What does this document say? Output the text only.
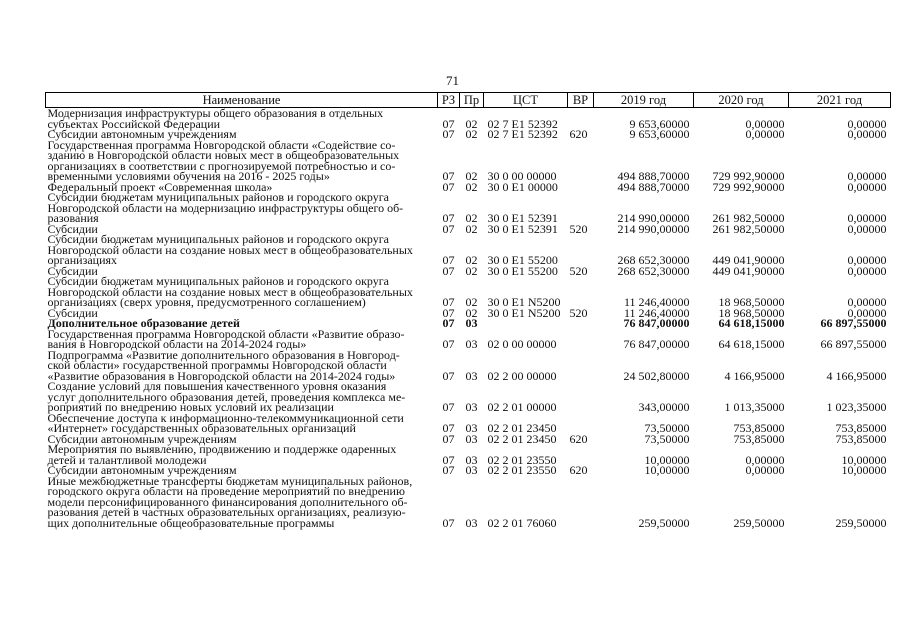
71
Наименование	РЗ	Пр	ЦСТ	ВР	2019 год	2020 год	2021 год
Модернизация инфраструктуры общего образования в отдельных
субъектах Российской Федерации	07	02	02 7 E1 52392		9 653,60000	0,00000	0,00000
Субсидии автономным учреждениям	07	02	02 7 E1 52392	620	9 653,60000	0,00000	0,00000
Государственная программа Новгородской области «Содействие со-
зданию в Новгородской области новых мест в общеобразовательных
организациях в соответствии с прогнозируемой потребностью и со-
временными условиями обучения на 2016 - 2025 годы»	07	02	30 0 00 00000		494 888,70000	729 992,90000	0,00000
Федеральный проект «Современная школа»	07	02	30 0 E1 00000		494 888,70000	729 992,90000	0,00000
Субсидии бюджетам муниципальных районов и городского округа
Новгородской области на модернизацию инфраструктуры общего об-
разования	07	02	30 0 E1 52391		214 990,00000	261 982,50000	0,00000
Субсидии	07	02	30 0 E1 52391	520	214 990,00000	261 982,50000	0,00000
Субсидии бюджетам муниципальных районов и городского округа
Новгородской области на создание новых мест в общеобразовательных
организациях	07	02	30 0 E1 55200		268 652,30000	449 041,90000	0,00000
Субсидии	07	02	30 0 E1 55200	520	268 652,30000	449 041,90000	0,00000
Субсидии бюджетам муниципальных районов и городского округа
Новгородской области на создание новых мест в общеобразовательных
организациях (сверх уровня, предусмотренного соглашением)	07	02	30 0 E1 N5200		11 246,40000	18 968,50000	0,00000
Субсидии	07	02	30 0 E1 N5200	520	11 246,40000	18 968,50000	0,00000
Дополнительное образование детей	07	03			76 847,00000	64 618,15000	66 897,55000
Государственная программа Новгородской области «Развитие образо-
вания в Новгородской области на 2014-2024 годы»	07	03	02 0 00 00000		76 847,00000	64 618,15000	66 897,55000
Подпрограмма «Развитие дополнительного образования в Новгород-
ской области» государственной программы Новгородской области
«Развитие образования в Новгородской области на 2014-2024 годы»	07	03	02 2 00 00000		24 502,80000	4 166,95000	4 166,95000
Создание условий для повышения качественного уровня оказания
услуг дополнительного образования детей, проведения комплекса ме-
роприятий по внедрению новых условий их реализации	07	03	02 2 01 00000		343,00000	1 013,35000	1 023,35000
Обеспечение доступа к информационно-телекоммуникационной сети
«Интернет» государственных образовательных организаций	07	03	02 2 01 23450		73,50000	753,85000	753,85000
Субсидии автономным учреждениям	07	03	02 2 01 23450	620	73,50000	753,85000	753,85000
Мероприятия по выявлению, продвижению и поддержке одаренных
детей и талантливой молодежи	07	03	02 2 01 23550		10,00000	0,00000	10,00000
Субсидии автономным учреждениям	07	03	02 2 01 23550	620	10,00000	0,00000	10,00000
Иные межбюджетные трансферты бюджетам муниципальных районов,
городского округа области на проведение мероприятий по внедрению
модели персонифицированного финансирования дополнительного об-
разования детей в частных образовательных организациях, реализую-
щих дополнительные общеобразовательные программы	07	03	02 2 01 76060		259,50000	259,50000	259,50000
